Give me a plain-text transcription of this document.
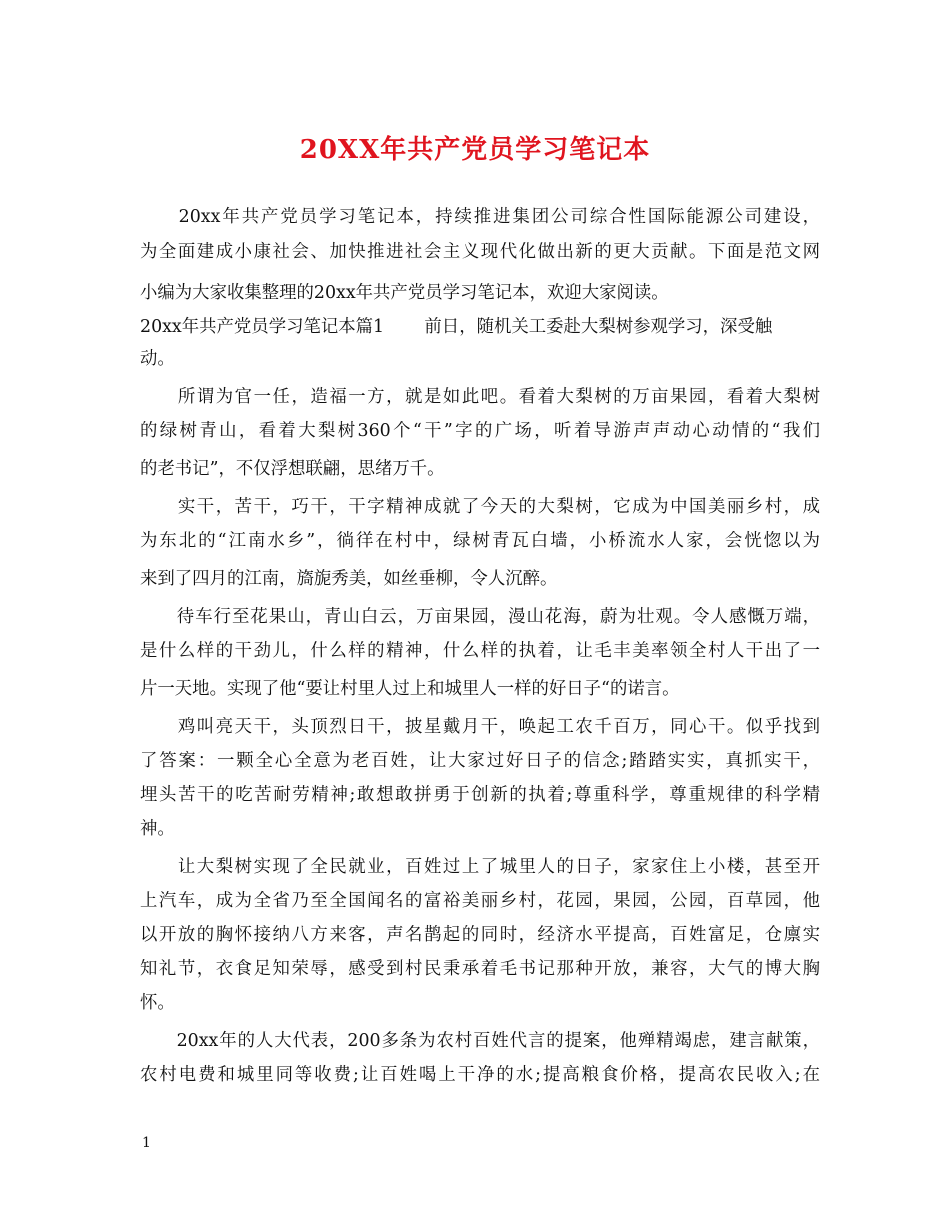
20XX年共产党员学习笔记本
　　20xx年共产党员学习笔记本，持续推进集团公司综合性国际能源公司建设，
为全面建成小康社会、加快推进社会主义现代化做出新的更大贡献。下面是范文网
小编为大家收集整理的20xx年共产党员学习笔记本，欢迎大家阅读。
20xx年共产党员学习笔记本篇1　　 前日，随机关工委赴大梨树参观学习，深受触
动。
　　所谓为官一任，造福一方，就是如此吧。看着大梨树的万亩果园，看着大梨树
的绿树青山，看着大梨树360个“干”字的广场，听着导游声声动心动情的“我们
的老书记”，不仅浮想联翩，思绪万千。
　　实干，苦干，巧干，干字精神成就了今天的大梨树，它成为中国美丽乡村，成
为东北的“江南水乡”，徜徉在村中，绿树青瓦白墙，小桥流水人家，会恍惚以为
来到了四月的江南，旖旎秀美，如丝垂柳，令人沉醉。
　　待车行至花果山，青山白云，万亩果园，漫山花海，蔚为壮观。令人感慨万端，
是什么样的干劲儿，什么样的精神，什么样的执着，让毛丰美率领全村人干出了一
片一天地。实现了他“要让村里人过上和城里人一样的好日子“的诺言。
　　鸡叫亮天干，头顶烈日干，披星戴月干，唤起工农千百万，同心干。似乎找到
了答案：一颗全心全意为老百姓，让大家过好日子的信念;踏踏实实，真抓实干，
埋头苦干的吃苦耐劳精神;敢想敢拼勇于创新的执着;尊重科学，尊重规律的科学精
神。
　　让大梨树实现了全民就业，百姓过上了城里人的日子，家家住上小楼，甚至开
上汽车，成为全省乃至全国闻名的富裕美丽乡村，花园，果园，公园，百草园，他
以开放的胸怀接纳八方来客，声名鹊起的同时，经济水平提高，百姓富足，仓廪实
知礼节，衣食足知荣辱，感受到村民秉承着毛书记那种开放，兼容，大气的博大胸
怀。
　　20xx年的人大代表，200多条为农村百姓代言的提案，他殚精竭虑，建言献策，
农村电费和城里同等收费;让百姓喝上干净的水;提高粮食价格，提高农民收入;在
1
